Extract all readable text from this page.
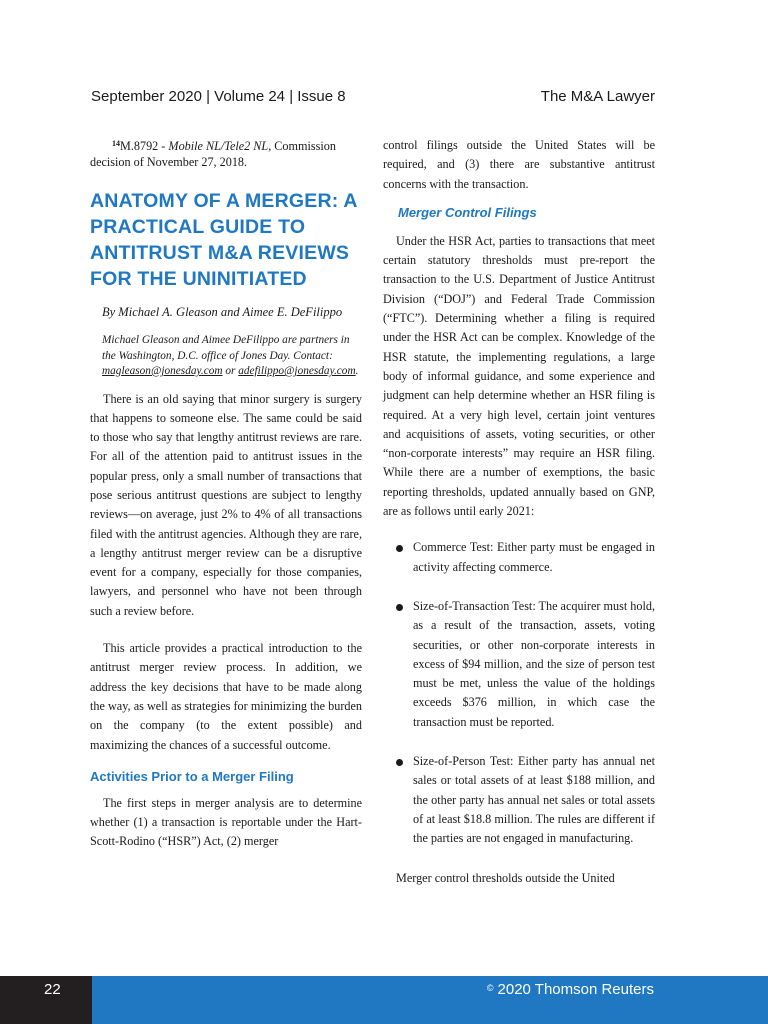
September 2020 | Volume 24 | Issue 8	The M&A Lawyer

$^{14}$M.8792 - Mobile NL/Tele2 NL, Commission decision of November 27, 2018.

ANATOMY OF A MERGER: A
PRACTICAL GUIDE TO
ANTITRUST M&A REVIEWS
FOR THE UNINITIATED

By Michael A. Gleason and Aimee E. DeFilippo

Michael Gleason and Aimee DeFilippo are partners in the Washington, D.C. office of Jones Day. Contact: magleason@jonesday.com or adefilippo@jonesday.com.

There is an old saying that minor surgery is surgery that happens to someone else. The same could be said to those who say that lengthy antitrust reviews are rare. For all of the attention paid to antitrust issues in the popular press, only a small number of transactions that pose serious antitrust questions are subject to lengthy reviews—on average, just 2% to 4% of all transactions filed with the antitrust agencies. Although they are rare, a lengthy antitrust merger review can be a disruptive event for a company, especially for those companies, lawyers, and personnel who have not been through such a review before.

This article provides a practical introduction to the antitrust merger review process. In addition, we address the key decisions that have to be made along the way, as well as strategies for minimizing the burden on the company (to the extent possible) and maximizing the chances of a successful outcome.

Activities Prior to a Merger Filing

The first steps in merger analysis are to determine whether (1) a transaction is reportable under the Hart-Scott-Rodino (“HSR”) Act, (2) merger

control filings outside the United States will be required, and (3) there are substantive antitrust concerns with the transaction.

Merger Control Filings

Under the HSR Act, parties to transactions that meet certain statutory thresholds must pre-report the transaction to the U.S. Department of Justice Antitrust Division (“DOJ”) and Federal Trade Commission (“FTC”). Determining whether a filing is required under the HSR Act can be complex. Knowledge of the HSR statute, the implementing regulations, a large body of informal guidance, and some experience and judgment can help determine whether an HSR filing is required. At a very high level, certain joint ventures and acquisitions of assets, voting securities, or other “non-corporate interests” may require an HSR filing. While there are a number of exemptions, the basic reporting thresholds, updated annually based on GNP, are as follows until early 2021:

Commerce Test: Either party must be engaged in activity affecting commerce.

Size-of-Transaction Test: The acquirer must hold, as a result of the transaction, assets, voting securities, or other non-corporate interests in excess of $94 million, and the size of person test must be met, unless the value of the holdings exceeds $376 million, in which case the transaction must be reported.

Size-of-Person Test: Either party has annual net sales or total assets of at least $188 million, and the other party has annual net sales or total assets of at least $18.8 million. The rules are different if the parties are not engaged in manufacturing.

Merger control thresholds outside the United

22	© 2020 Thomson Reuters
